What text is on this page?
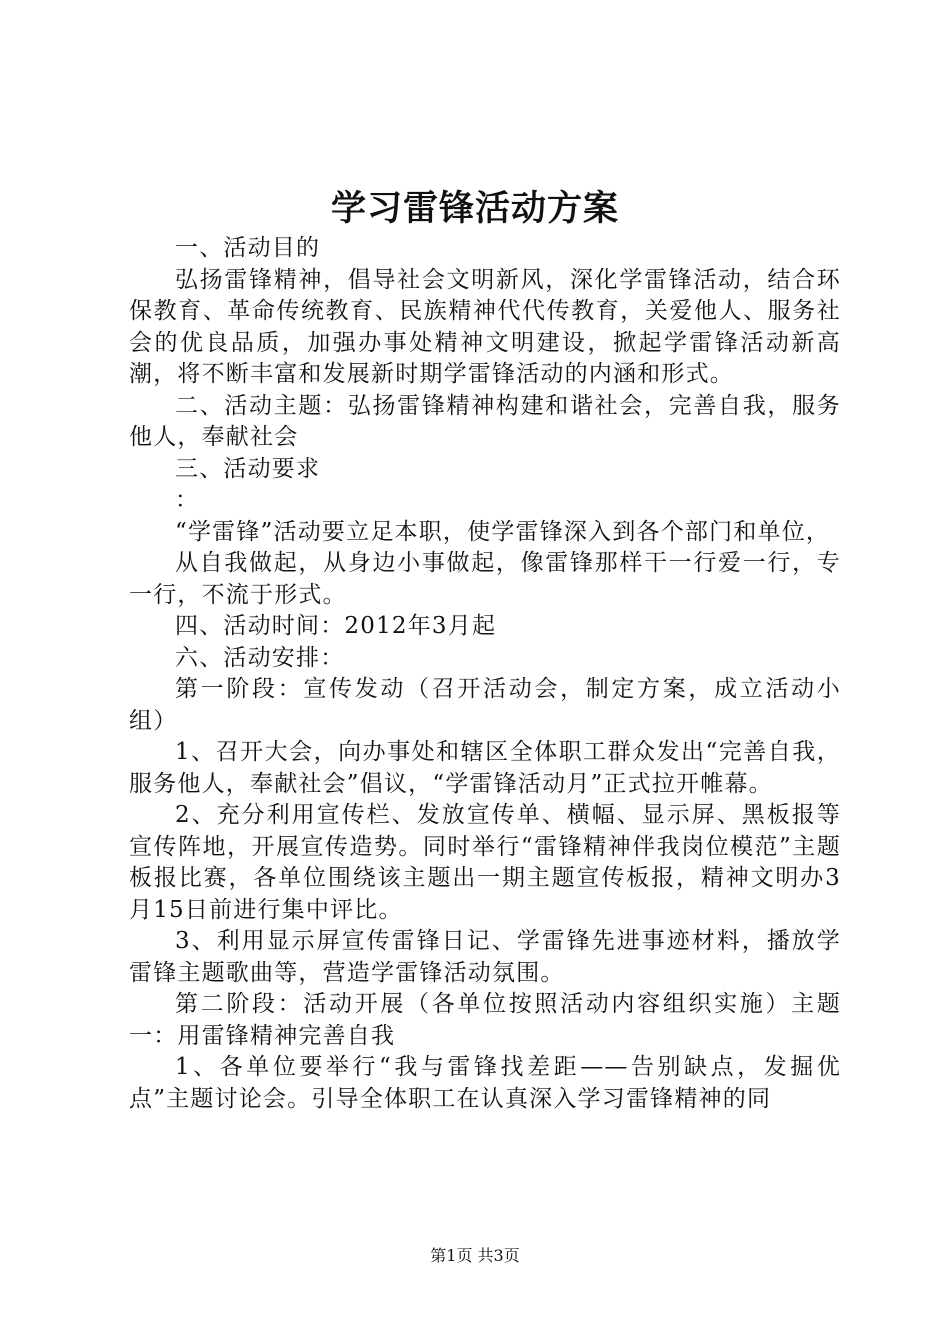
学习雷锋活动方案

一、活动目的

弘扬雷锋精神，倡导社会文明新风，深化学雷锋活动，结合环保教育、革命传统教育、民族精神代代传教育，关爱他人、服务社会的优良品质，加强办事处精神文明建设，掀起学雷锋活动新高潮，将不断丰富和发展新时期学雷锋活动的内涵和形式。

二、活动主题：弘扬雷锋精神构建和谐社会，完善自我，服务他人，奉献社会

三、活动要求

：

“学雷锋”活动要立足本职，使学雷锋深入到各个部门和单位，

从自我做起，从身边小事做起，像雷锋那样干一行爱一行，专一行，不流于形式。

四、活动时间：2012年3月起

六、活动安排：

第一阶段：宣传发动（召开活动会，制定方案，成立活动小组）

1、召开大会，向办事处和辖区全体职工群众发出“完善自我，服务他人，奉献社会”倡议，“学雷锋活动月”正式拉开帷幕。

2、充分利用宣传栏、发放宣传单、横幅、显示屏、黑板报等宣传阵地，开展宣传造势。同时举行“雷锋精神伴我岗位模范”主题板报比赛，各单位围绕该主题出一期主题宣传板报，精神文明办3月15日前进行集中评比。

3、利用显示屏宣传雷锋日记、学雷锋先进事迹材料，播放学雷锋主题歌曲等，营造学雷锋活动氛围。

第二阶段：活动开展（各单位按照活动内容组织实施）主题一：用雷锋精神完善自我

1、各单位要举行“我与雷锋找差距——告别缺点，发掘优点”主题讨论会。引导全体职工在认真深入学习雷锋精神的同

第1页 共3页
